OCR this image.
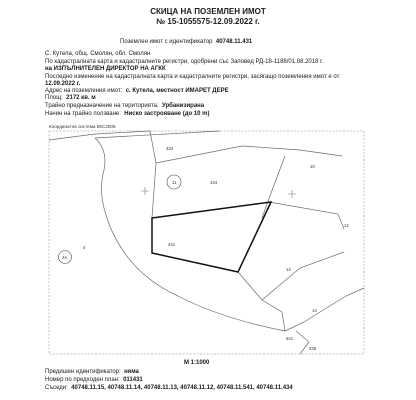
СКИЦА НА ПОЗЕМЛЕН ИМОТ
№ 15-1055575-12.09.2022 г.
Поземлен имот с идентификатор 40748.11.431
С. Кутела, общ. Смолян, обл. Смолян
По кадастралната карта и кадастралните регистри, одобрени със Заповед РД-18-1188/01.08.2018 г.
на ИЗПЪЛНИТЕЛЕН ДИРЕКТОР НА АГКК
Последно изменение на кадастралната карта и кадастралните регистри, засягащо поземления имот е от
12.09.2022 г.
Адрес на поземления имот: с. Кутела, местност ИМАРЕТ ДЕРЕ
Площ: 2172 кв. м
Трайно предназначение на територията: Урбанизирана
Начин на трайно ползване: Ниско застрояване (до 10 m)
Координатна система ККС2005
433
434
10
12
431
4
13
14
236
541
11
24
М 1:1000
Предишен идентификатор: няма
Номер по предходен план: 011431
Съседи: 40748.11.15, 40748.11.14, 40748.11.13, 40748.11.12, 40748.11.541, 40748.11.434
